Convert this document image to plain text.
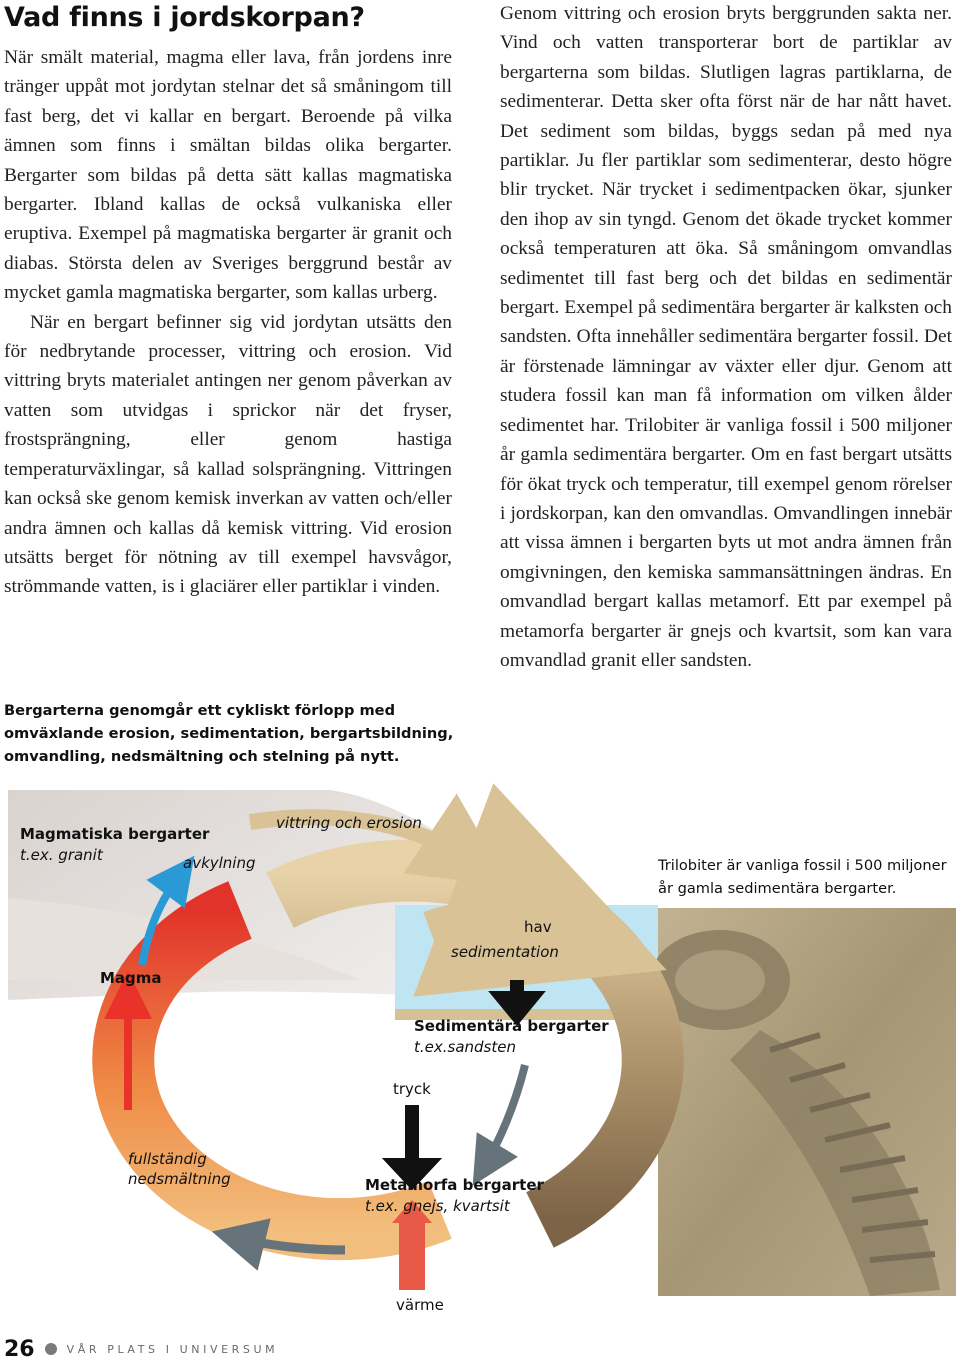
Vad finns i jordskorpan?

När smält material, magma eller lava, från jordens inre tränger uppåt mot jordytan stelnar det så småningom till fast berg, det vi kallar en bergart. Beroende på vilka ämnen som finns i smältan bildas olika bergarter. Bergarter som bildas på detta sätt kallas magmatiska bergarter. Ibland kallas de också vulkaniska eller eruptiva. Exempel på magmatiska bergarter är granit och diabas. Största delen av Sveriges berggrund består av mycket gamla magmatiska bergarter, som kallas urberg.

När en bergart befinner sig vid jordytan utsätts den för nedbrytande processer, vittring och erosion. Vid vittring bryts materialet antingen ner genom påverkan av vatten som utvidgas i sprickor när det fryser, frostsprängning, eller genom hastiga temperaturväxlingar, så kallad solsprängning. Vittringen kan också ske genom kemisk inverkan av vatten och/eller andra ämnen och kallas då kemisk vittring. Vid erosion utsätts berget för nötning av till exempel havsvågor, strömmande vatten, is i glaciärer eller partiklar i vinden.

Genom vittring och erosion bryts berggrunden sakta ner. Vind och vatten transporterar bort de partiklar av bergarterna som bildas. Slutligen lagras partiklarna, de sedimenterar. Detta sker ofta först när de har nått havet. Det sediment som bildas, byggs sedan på med nya partiklar. Ju fler partiklar som sedimenterar, desto högre blir trycket. När trycket i sedimentpacken ökar, sjunker den ihop av sin tyngd. Genom det ökade trycket kommer också temperaturen att öka. Så småningom omvandlas sedimentet till fast berg och det bildas en sedimentär bergart. Exempel på sedimentära bergarter är kalksten och sandsten. Ofta innehåller sedimentära bergarter fossil. Det är förstenade lämningar av växter eller djur. Genom att studera fossil kan man få information om vilken ålder sedimentet har. Trilobiter är vanliga fossil i 500 miljoner år gamla sedimentära bergarter. Om en fast bergart utsätts för ökat tryck och temperatur, till exempel genom rörelser i jordskorpan, kan den omvandlas. Omvandlingen innebär att vissa ämnen i bergarten byts ut mot andra ämnen från omgivningen, den kemiska sammansättningen ändras. En omvandlad bergart kallas metamorf. Ett par exempel på metamorfa bergarter är gnejs och kvartsit, som kan vara omvandlad granit eller sandsten.

Bergarterna genomgår ett cykliskt förlopp med omväxlande erosion, sedimentation, bergartsbildning, omvandling, nedsmältning och stelning på nytt.
Magmatiska bergarter
t.ex. granit	avkylning
vittring och erosion
hav
sedimentation
Magma
Sedimentära bergarter
t.ex.sandsten
tryck
fullständig
nedsmältning	Metamorfa bergarter
t.ex. gnejs, kvartsit
värme
Trilobiter är vanliga fossil i 500 miljoner år gamla sedimentära bergarter.
26	VÅR PLATS I UNIVERSUM
